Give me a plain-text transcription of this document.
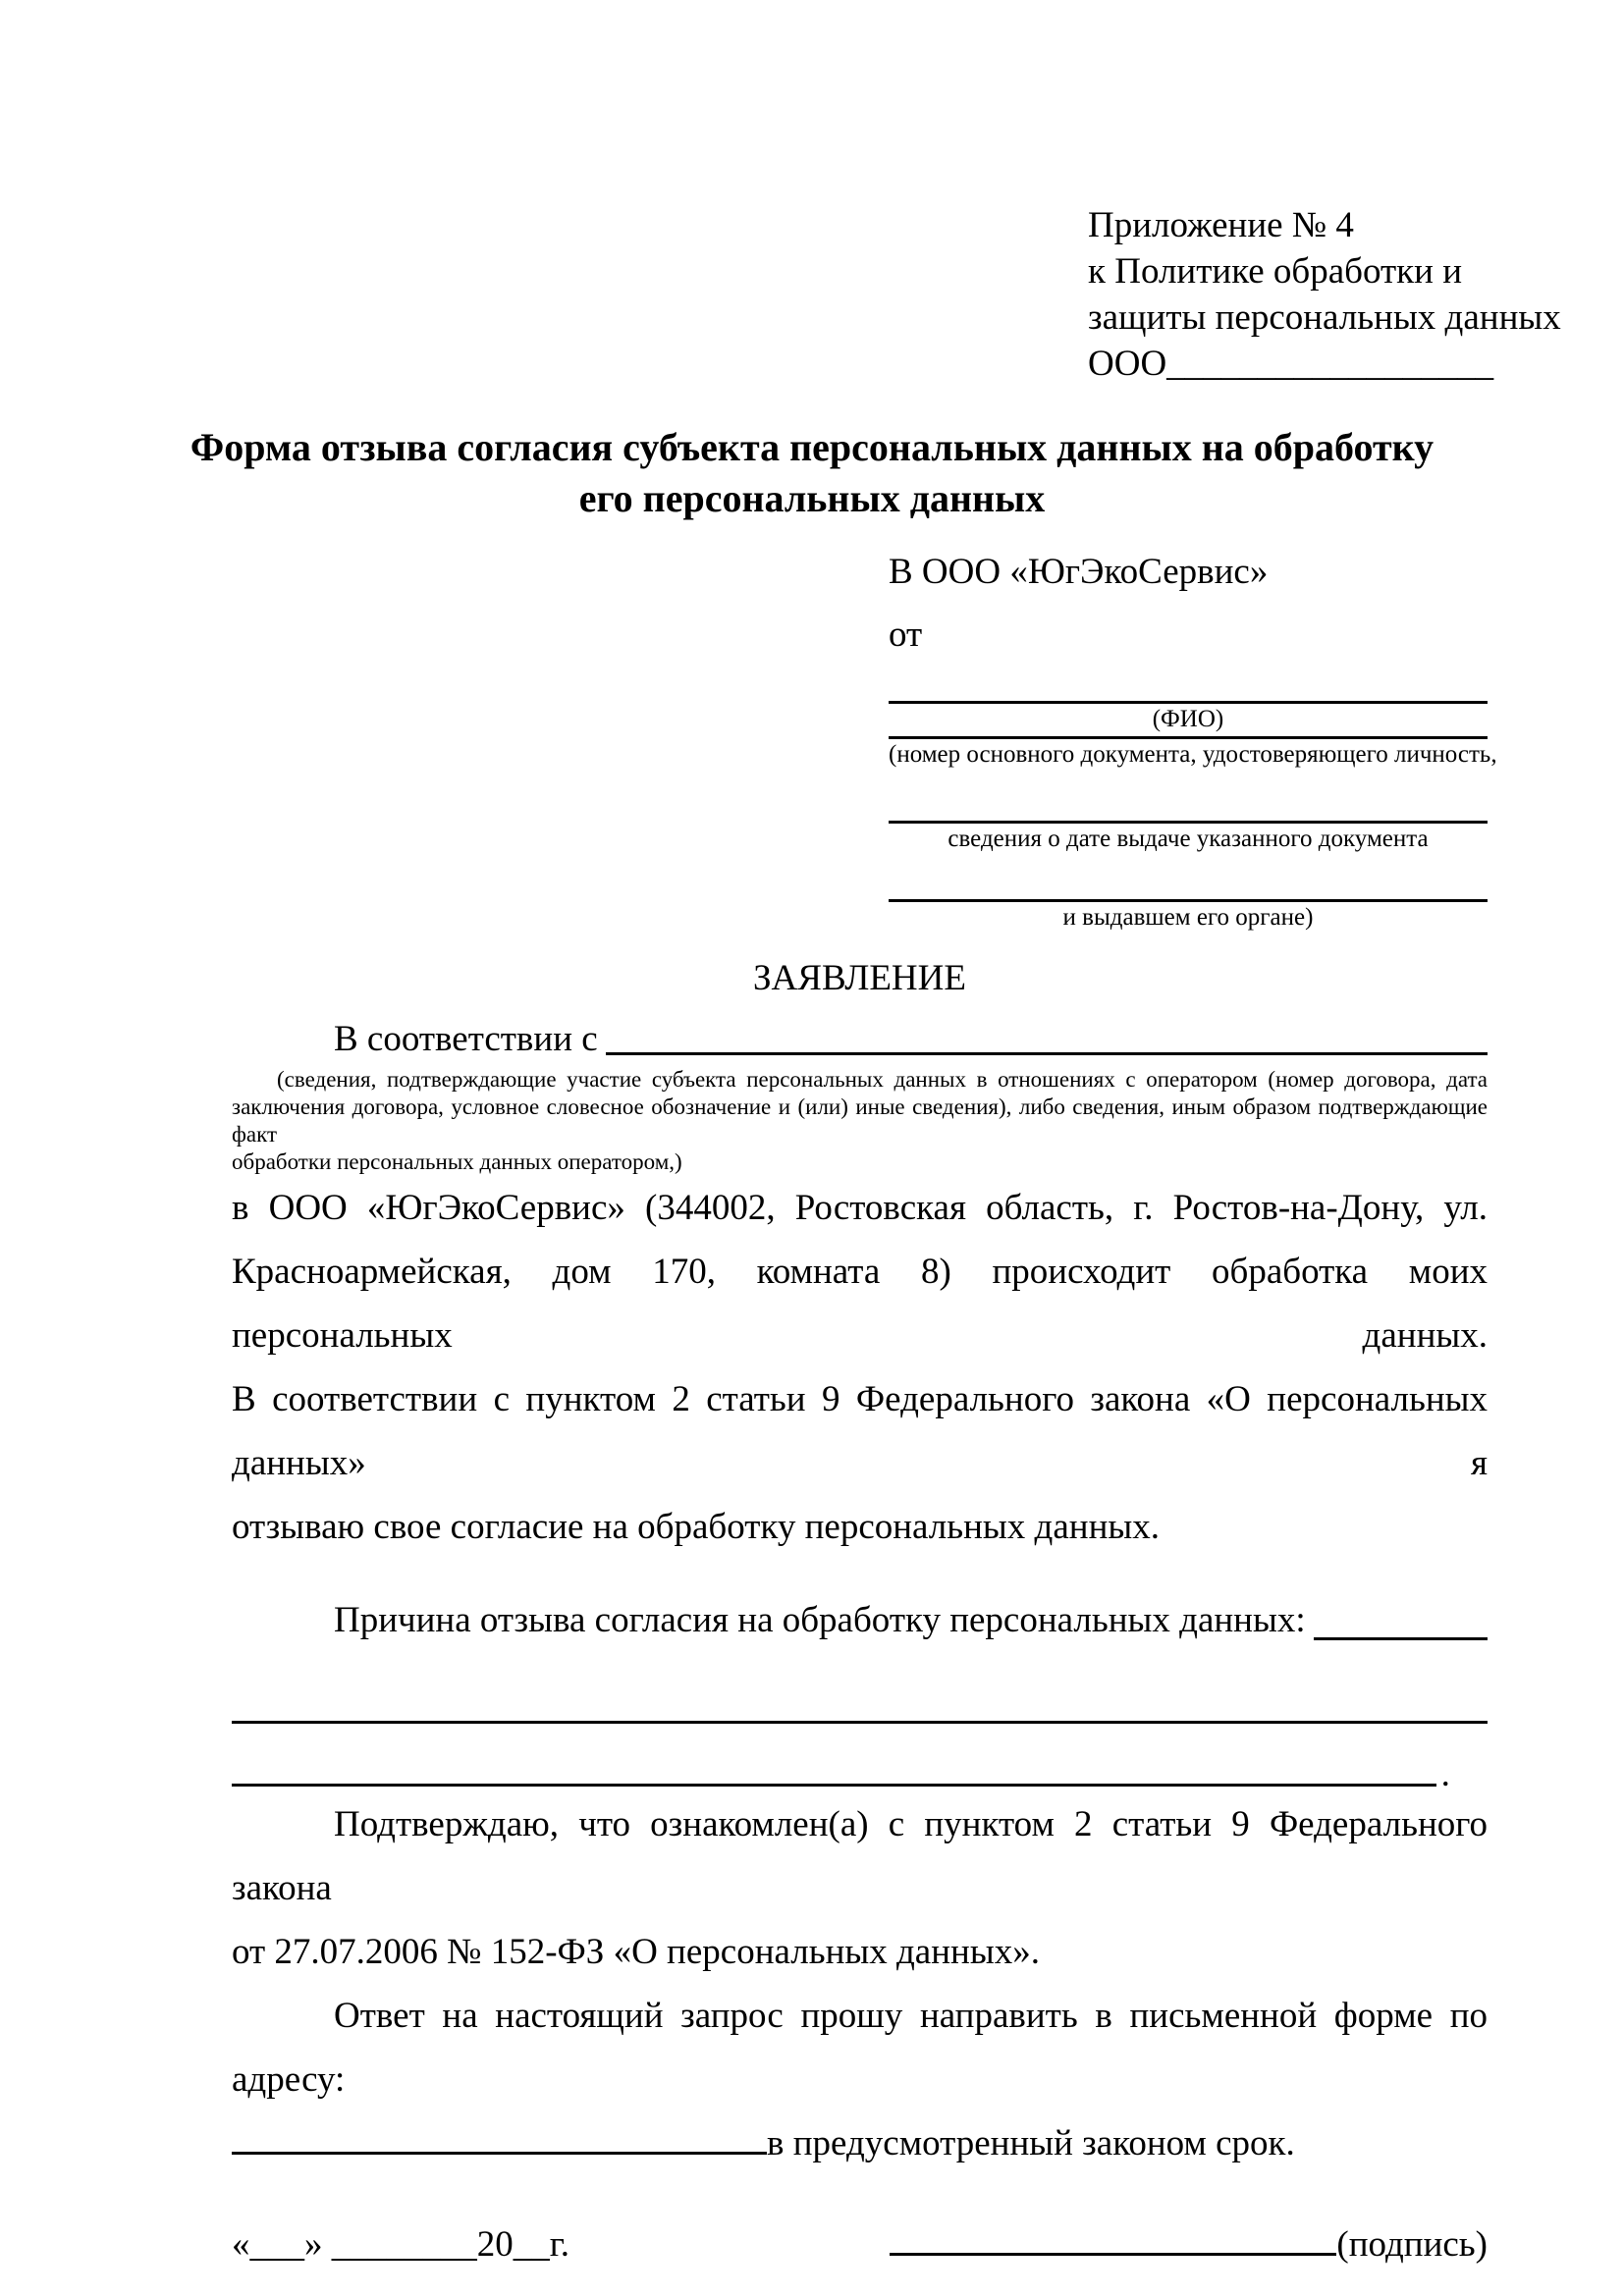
Приложение № 4
к Политике обработки и
защиты персональных данных
ООО__________________
Форма отзыва согласия субъекта персональных данных на обработку
его персональных данных
В ООО «ЮгЭкоСервис»
от
(ФИО)
(номер основного документа, удостоверяющего личность,
сведения о дате выдаче указанного документа
и выдавшем его органе)
ЗАЯВЛЕНИЕ
В соответствии с
(сведения, подтверждающие участие субъекта персональных данных в отношениях с оператором (номер договора, дата
заключения договора, условное словесное обозначение и (или) иные сведения), либо сведения, иным образом подтверждающие факт
обработки персональных данных оператором,)
в ООО «ЮгЭкоСервис» (344002, Ростовская область, г. Ростов-на-Дону, ул.
Красноармейская, дом 170, комната 8) происходит обработка моих персональных данных.
В соответствии с пунктом 2 статьи 9 Федерального закона «О персональных данных» я
отзываю свое согласие на обработку персональных данных.
Причина отзыва согласия на обработку персональных данных:
.
Подтверждаю, что ознакомлен(а) с пунктом 2 статьи 9 Федерального закона
от 27.07.2006 № 152-ФЗ «О персональных данных».
Ответ на настоящий запрос прошу направить в письменной форме по адресу:
в предусмотренный законом срок.
«___» ________20__г.	(подпись)
